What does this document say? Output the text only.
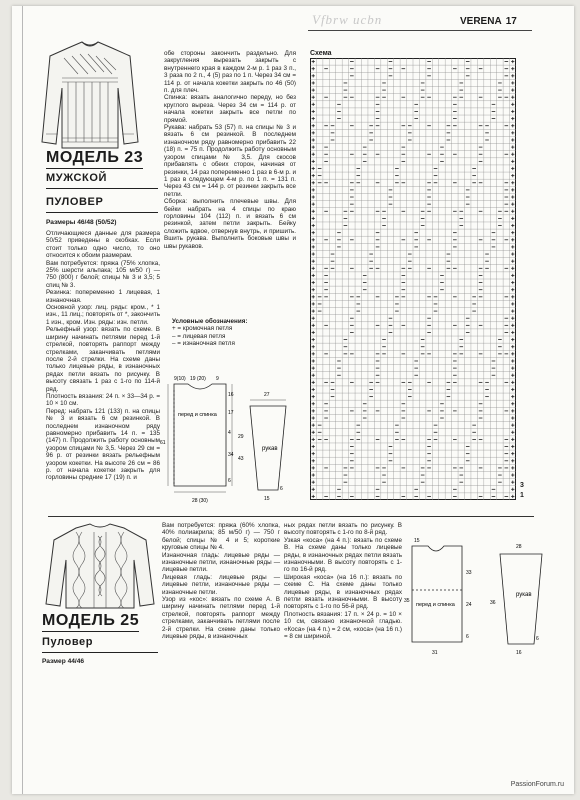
Vfbrw ucbn	VERENA 17
МОДЕЛЬ 23
МУЖСКОЙ
ПУЛОВЕР
Размеры 46/48 (50/52)

Отличающиеся данные для размера 50/52 приведены в скобках. Если стоит только одно число, то оно относится к обоим размерам.

Вам потребуется: пряжа (75% хлопка, 25% шерсти альпака; 105 м/50 г) — 750 (800) г белой; спицы № 3 и 3,5; 5 спиц № 3.

Резинка: попеременно 1 лицевая, 1 изнаночная.

Основной узор: лиц. ряды: кром., * 1 изн., 11 лиц.; повторять от *, закончить 1 изн., кром. Изн. ряды: изн. петли.

Рельефный узор: вязать по схеме. В ширину начинать петлями перед 1-й стрелкой, повторять раппорт между стрелками, заканчивать петлями после 2-й стрелки. На схеме даны только лицевые ряды, в изнаночных рядах петли вязать по рисунку. В высоту связать 1 раз с 1-го по 114-й ряд.

Плотность вязания: 24 п. × 33—34 р. = 10 × 10 см.

Перед: набрать 121 (133) п. на спицы № 3 и вязать 6 см резинкой. В последнем изнаночном ряду равномерно прибавить 14 п. = 135 (147) п. Продолжить работу основным узором спицами № 3,5. Через 29 см = 96 р. от резинки вязать рельефным узором кокетки. На высоте 26 см = 86 р. от начала кокетки закрыть для горловины средние 17 (19) п. и

обе стороны закончить раздельно. Для закругления вырезать закрыть с внутреннего края в каждом 2-м р. 1 раз 3 п., 3 раза по 2 п., 4 (5) раз по 1 п. Через 34 см = 114 р. от начала кокетки закрыть по 46 (50) п. для плеч.

Спинка: вязать аналогично переду, но без круглого выреза. Через 34 см = 114 р. от начала кокетки закрыть все петли по прямой.

Рукава: набрать 53 (57) п. на спицы № 3 и вязать 6 см резинкой. В последнем изнаночном ряду равномерно прибавить 22 (18) п. = 75 п. Продолжить работу основным узором спицами № 3,5. Для скосов прибавлять с обеих сторон, начиная от резинки, 14 раз попеременно 1 раз в 6-м р. и 1 раз в следующем 4-м р. по 1 п. = 131 п. Через 43 см = 144 р. от резинки закрыть все петли.

Сборка: выполнить плечевые швы. Для бейки набрать на 4 спицы по краю горловины 104 (112) п. и вязать 6 см резинкой, затем петли закрыть. Бейку сложить вдвое, отвернув внутрь, и пришить. Вшить рукава. Выполнить боковые швы и швы рукавов.

Условные обозначения:
+ = кромочная петля
– = лицевая петля
– = изнаночная петля
перед и спинка
рукав
9(10) 19 (20) 9
16
61
6
28 (30)
27
43
29
15
6
4
17
34
Схема
3
1
МОДЕЛЬ 25
Пуловер
Размер 44/46

Вам потребуется: пряжа (60% хлопка, 40% полиакрила; 85 м/50 г) — 750 г белой; спицы № 4 и 5; короткие круговые спицы № 4.

Изнаночная гладь: лицевые ряды — изнаночные петли, изнаночные ряды — лицевые петли.

Лицевая гладь: лицевые ряды — лицевые петли, изнаночные ряды — изнаночные петли.

Узор из «кос»: вязать по схеме А. В ширину начинать петлями перед 1-й стрелкой, повторять раппорт между стрелками, заканчивать петлями после 2-й стрелки. На схеме даны только лицевые ряды, в изнаночных

ных рядах петли вязать по рисунку. В высоту повторять с 1-го по 8-й ряд.

Узкая «коса» (на 4 п.): вязать по схеме В. На схеме даны только лицевые ряды, в изнаночных рядах петли вязать изнаночными. В высоту повторять с 1-го по 16-й ряд.

Широкая «коса» (на 16 п.): вязать по схеме С. На схеме даны только лицевые ряды, в изнаночных рядах петли вязать изнаночными. В высоту повторять с 1-го по 56-й ряд.

Плотность вязания: 17 п. × 24 р. = 10 × 10 см, связано изнаночной гладью. «Коса» (на 4 п.) = 2 см, «коса» (на 16 п.) = 8 см шириной.

перед и спинка
рукав
15
35
33
31
28
6
36
24
6
16
PassionForum.ru
